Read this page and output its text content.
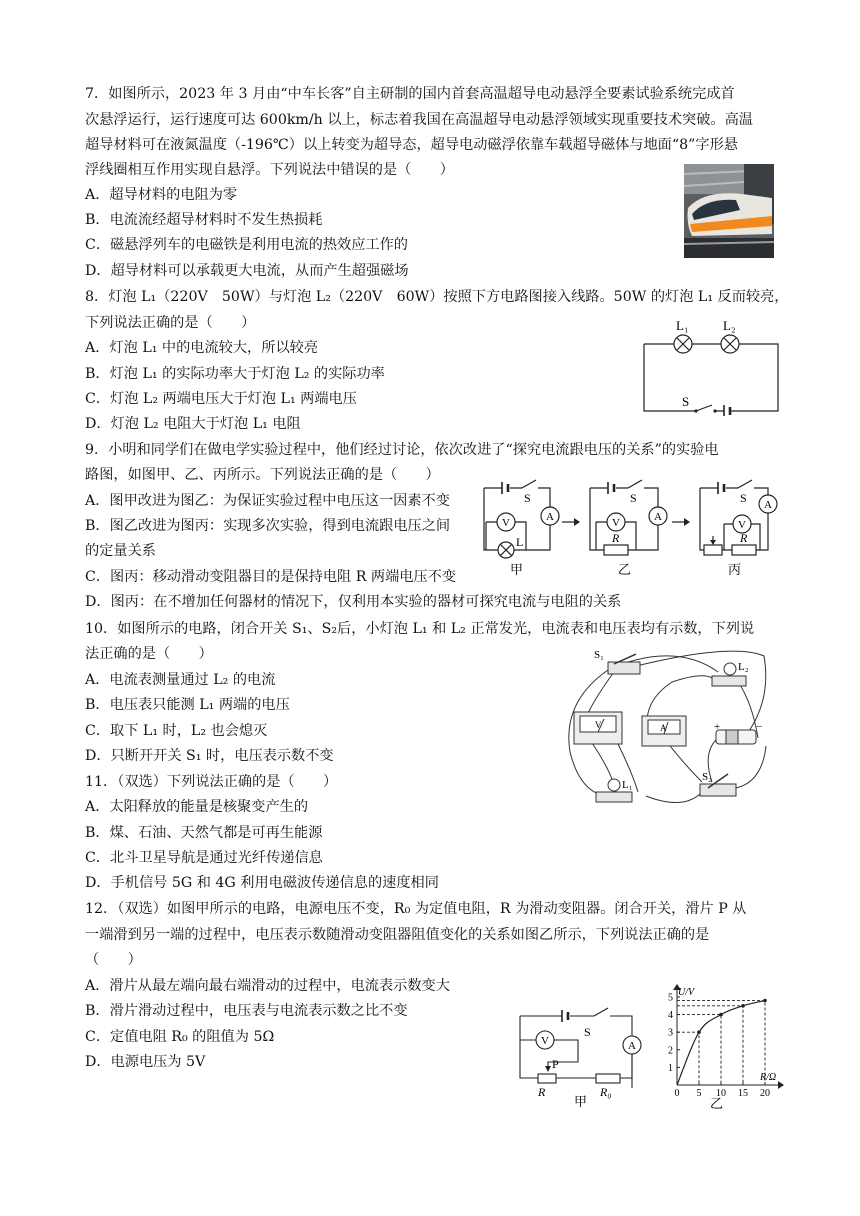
7．如图所示，2023 年 3 月由“中车长客”自主研制的国内首套高温超导电动悬浮全要素试验系统完成首
次悬浮运行，运行速度可达 600km/h 以上，标志着我国在高温超导电动悬浮领域实现重要技术突破。高温
超导材料可在液氮温度（-196℃）以上转变为超导态，超导电动磁浮依靠车载超导磁体与地面“8”字形悬
浮线圈相互作用实现自悬浮。下列说法中错误的是（　　）
A．超导材料的电阻为零
B．电流流经超导材料时不发生热损耗
C．磁悬浮列车的电磁铁是利用电流的热效应工作的
D．超导材料可以承载更大电流，从而产生超强磁场
8．灯泡 L₁（220V　50W）与灯泡 L₂（220V　60W）按照下方电路图接入线路。50W 的灯泡 L₁ 反而较亮，
下列说法正确的是（　　）
A．灯泡 L₁ 中的电流较大，所以较亮
B．灯泡 L₁ 的实际功率大于灯泡 L₂ 的实际功率
C．灯泡 L₂ 两端电压大于灯泡 L₁ 两端电压
D．灯泡 L₂ 电阻大于灯泡 L₁ 电阻
L₁	L₂
S
9．小明和同学们在做电学实验过程中，他们经过讨论，依次改进了“探究电流跟电压的关系”的实验电
路图，如图甲、乙、丙所示。下列说法正确的是（　　）
A．图甲改进为图乙：为保证实验过程中电压这一因素不变
B．图乙改进为图丙：实现多次实验，得到电流跟电压之间
的定量关系
C．图丙：移动滑动变阻器目的是保持电阻 R 两端电压不变
D．图丙：在不增加任何器材的情况下，仅利用本实验的器材可探究电流与电阻的关系
A
V	A
V
A
V
S	S	S
L	R	R
甲	乙	丙
10．如图所示的电路，闭合开关 S₁、S₂后，小灯泡 L₁ 和 L₂ 正常发光，电流表和电压表均有示数，下列说
法正确的是（　　）
A．电流表测量通过 L₂ 的电流
B．电压表只能测 L₁ 两端的电压
C．取下 L₁ 时，L₂ 也会熄灭
D．只断开开关 S₁ 时，电压表示数不变
S₁
L₂
V	A	+	−
L₁
S₂
11．（双选）下列说法正确的是（　　）
A．太阳释放的能量是核聚变产生的
B．煤、石油、天然气都是可再生能源
C．北斗卫星导航是通过光纤传递信息
D．手机信号 5G 和 4G 利用电磁波传递信息的速度相同
12．（双选）如图甲所示的电路，电源电压不变，R₀ 为定值电阻，R 为滑动变阻器。闭合开关，滑片 P 从
一端滑到另一端的过程中，电压表示数随滑动变阻器阻值变化的关系如图乙所示，下列说法正确的是
（　　）
A．滑片从最左端向最右端滑动的过程中，电流表示数变大
B．滑片滑动过程中，电压表与电流表示数之比不变
C．定值电阻 R₀ 的阻值为 5Ω
D．电源电压为 5V
V	A
S
P
R	R₀
甲
0 5 10 15 20
1
2
3
4
5 U/V
R/Ω
乙
